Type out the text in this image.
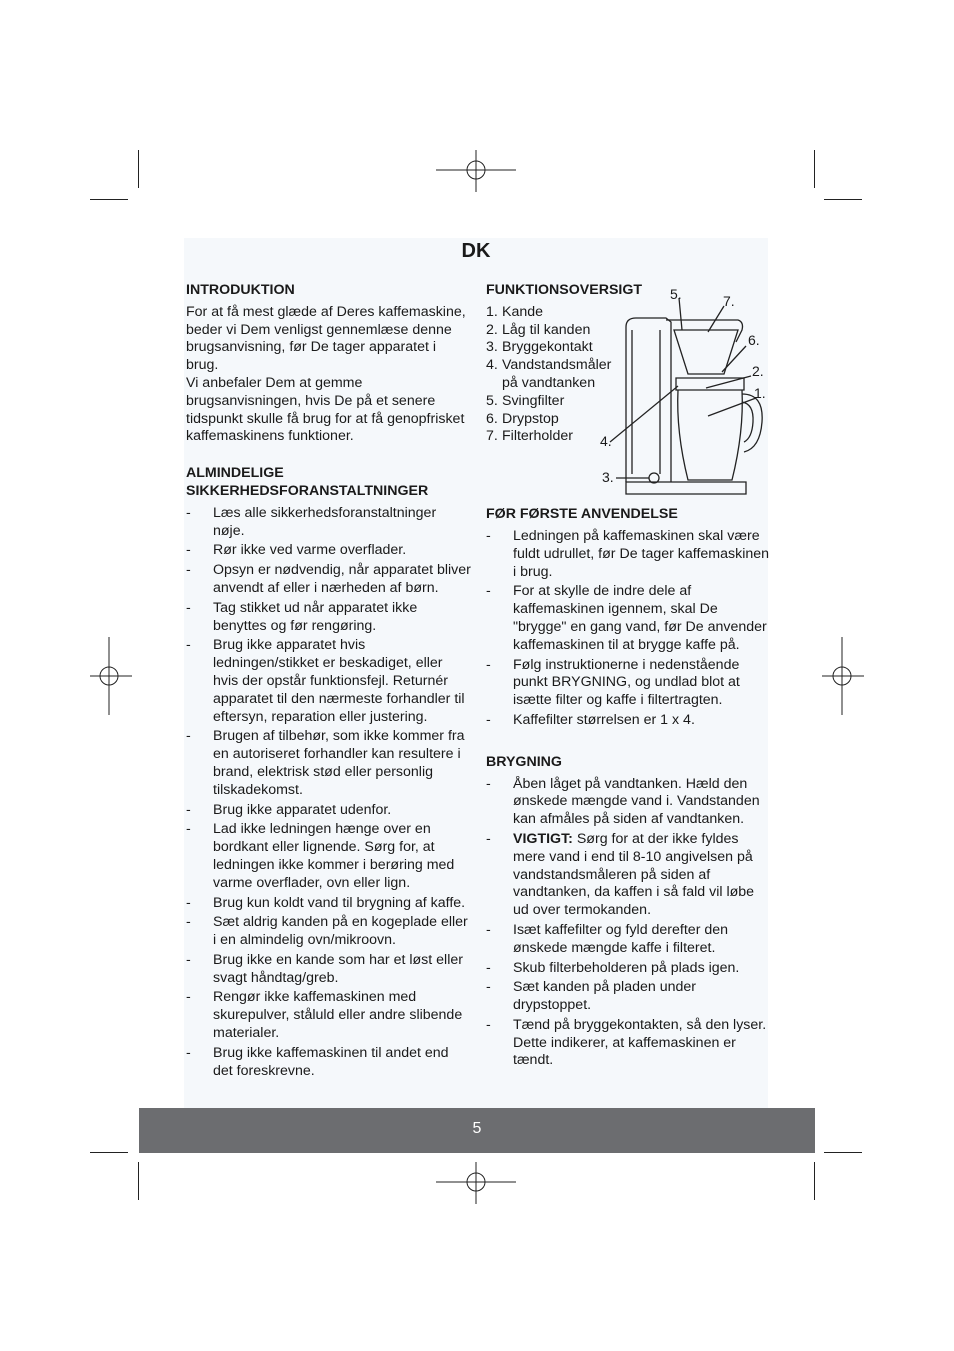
5
DK

INTRODUKTION

For at få mest glæde af Deres kaffemaskine, beder vi Dem venligst gennemlæse denne brugsanvisning, før De tager apparatet i brug.

Vi anbefaler Dem at gemme brugsanvisningen, hvis De på et senere tidspunkt skulle få brug for at få genopfrisket kaffemaskinens funktioner.

ALMINDELIGE

SIKKERHEDSFORANSTALTNINGER

- Læs alle sikkerhedsforanstaltninger nøje.
- Rør ikke ved varme overflader.
- Opsyn er nødvendig, når apparatet bliver anvendt af eller i nærheden af børn.
- Tag stikket ud når apparatet ikke benyttes og før rengøring.
- Brug ikke apparatet hvis ledningen/stikket er beskadiget, eller hvis der opstår funktionsfejl. Returnér apparatet til den nærmeste forhandler til eftersyn, reparation eller justering.
- Brugen af tilbehør, som ikke kommer fra en autoriseret forhandler kan resultere i brand, elektrisk stød eller personlig tilskadekomst.
- Brug ikke apparatet udenfor.
- Lad ikke ledningen hænge over en bordkant eller lignende. Sørg for, at ledningen ikke kommer i berøring med varme overflader, ovn eller lign.
- Brug kun koldt vand til brygning af kaffe.
- Sæt aldrig kanden på en kogeplade eller i en almindelig ovn/mikroovn.
- Brug ikke en kande som har et løst eller svagt håndtag/greb.
- Rengør ikke kaffemaskinen med skurepulver, ståluld eller andre slibende materialer.
- Brug ikke kaffemaskinen til andet end det foreskrevne.

FUNKTIONSOVERSIGT

1. Kande
2. Låg til kanden
3. Bryggekontakt
4. Vandstandsmåler på vandtanken
5. Svingfilter
6. Drypstop
7. Filterholder

FØR FØRSTE ANVENDELSE

- Ledningen på kaffemaskinen skal være fuldt udrullet, før De tager kaffemaskinen i brug.
- For at skylle de indre dele af kaffemaskinen igennem, skal De "brygge" en gang vand, før De anvender kaffemaskinen til at brygge kaffe på.
- Følg instruktionerne i nedenstående punkt BRYGNING, og undlad blot at isætte filter og kaffe i filtertragten.
- Kaffefilter størrelsen er 1 x 4.

BRYGNING

- Åben låget på vandtanken. Hæld den ønskede mængde vand i. Vandstanden kan afmåles på siden af vandtanken.
- VIGTIGT: Sørg for at der ikke fyldes mere vand i end til 8-10 angivelsen på vandstandsmåleren på siden af vandtanken, da kaffen i så fald vil løbe ud over termokanden.
- Isæt kaffefilter og fyld derefter den ønskede mængde kaffe i filteret.
- Skub filterbeholderen på plads igen.
- Sæt kanden på pladen under drypstoppet.
- Tænd på bryggekontakten, så den lyser. Dette indikerer, at kaffemaskinen er tændt.
5.	7.
6.
2.
1.
4.
3.
